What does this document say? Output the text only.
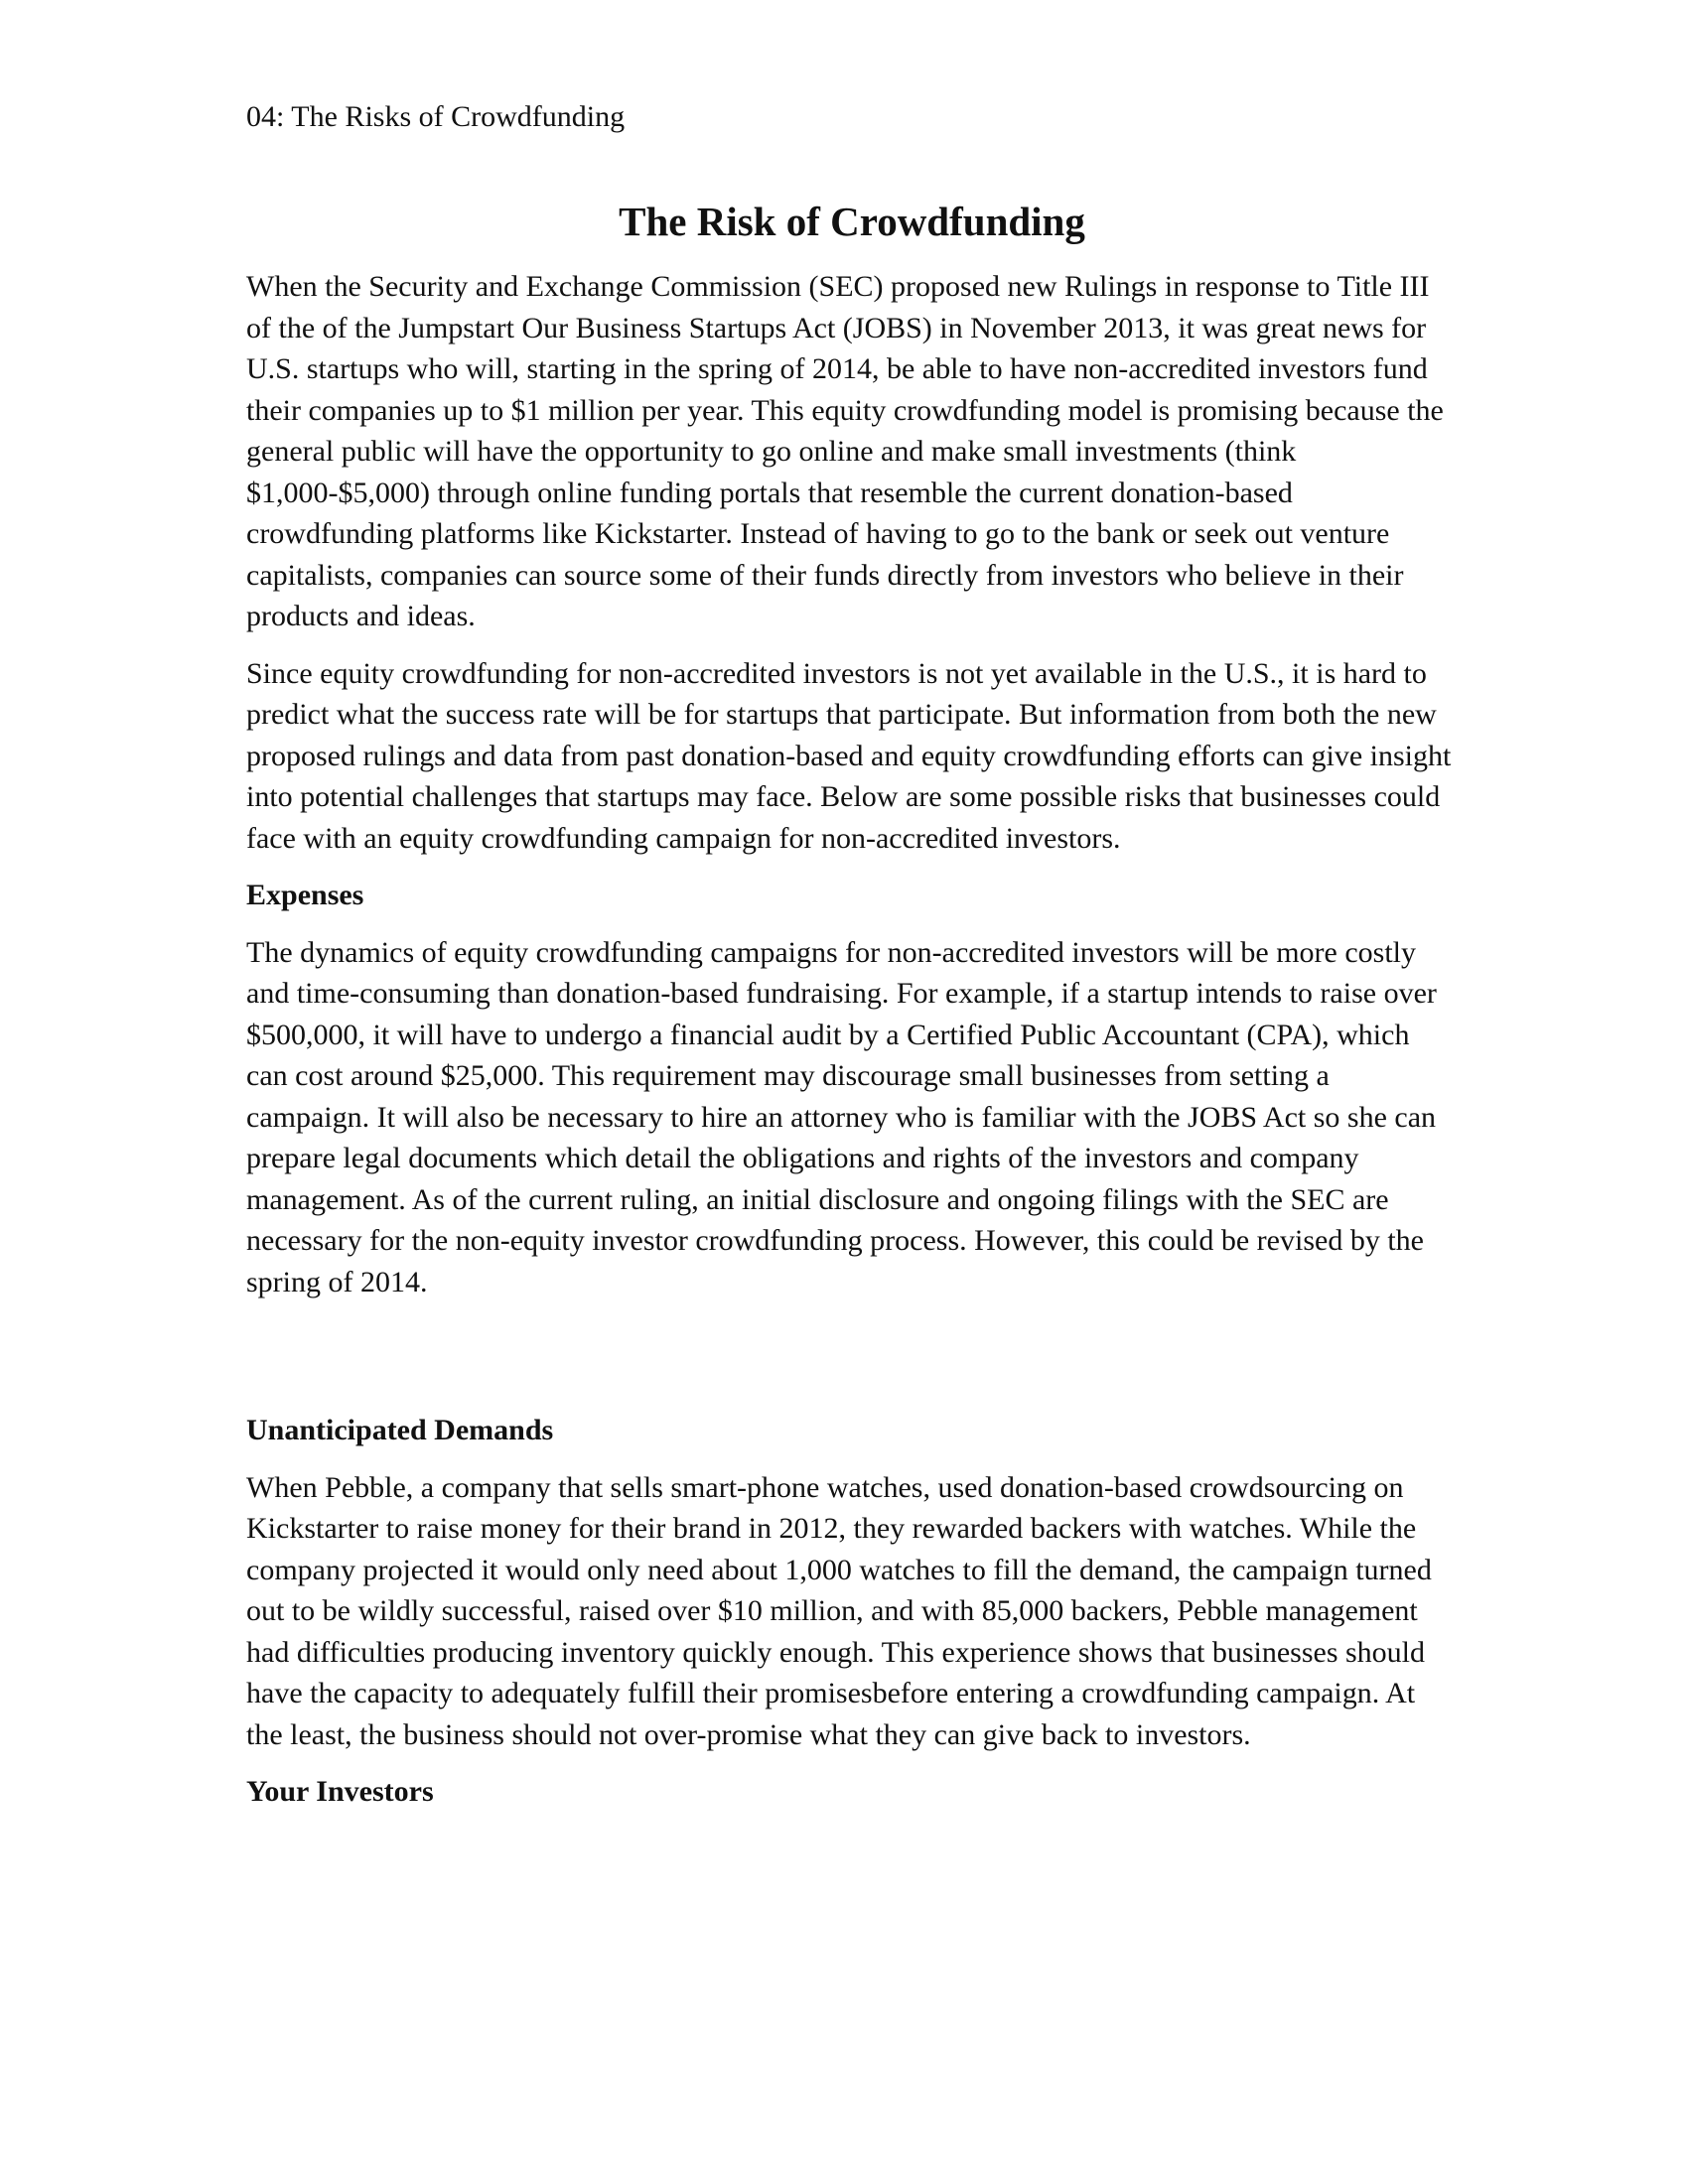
04: The Risks of Crowdfunding
The Risk of Crowdfunding

When the Security and Exchange Commission (SEC) proposed new Rulings in response to Title III of the of the Jumpstart Our Business Startups Act (JOBS) in November 2013, it was great news for U.S. startups who will, starting in the spring of 2014, be able to have non-accredited investors fund their companies up to $1 million per year. This equity crowdfunding model is promising because the general public will have the opportunity to go online and make small investments (think $1,000-$5,000) through online funding portals that resemble the current donation-based crowdfunding platforms like Kickstarter. Instead of having to go to the bank or seek out venture capitalists, companies can source some of their funds directly from investors who believe in their products and ideas.

Since equity crowdfunding for non-accredited investors is not yet available in the U.S., it is hard to predict what the success rate will be for startups that participate. But information from both the new proposed rulings and data from past donation-based and equity crowdfunding efforts can give insight into potential challenges that startups may face. Below are some possible risks that businesses could face with an equity crowdfunding campaign for non-accredited investors.

Expenses

The dynamics of equity crowdfunding campaigns for non-accredited investors will be more costly and time-consuming than donation-based fundraising. For example, if a startup intends to raise over $500,000, it will have to undergo a financial audit by a Certified Public Accountant (CPA), which can cost around $25,000. This requirement may discourage small businesses from setting a campaign. It will also be necessary to hire an attorney who is familiar with the JOBS Act so she can prepare legal documents which detail the obligations and rights of the investors and company management. As of the current ruling, an initial disclosure and ongoing filings with the SEC are necessary for the non-equity investor crowdfunding process. However, this could be revised by the spring of 2014.

Unanticipated Demands

When Pebble, a company that sells smart-phone watches, used donation-based crowdsourcing on Kickstarter to raise money for their brand in 2012, they rewarded backers with watches. While the company projected it would only need about 1,000 watches to fill the demand, the campaign turned out to be wildly successful, raised over $10 million, and with 85,000 backers, Pebble management had difficulties producing inventory quickly enough. This experience shows that businesses should have the capacity to adequately fulfill their promisesbefore entering a crowdfunding campaign. At the least, the business should not over-promise what they can give back to investors.

Your Investors
